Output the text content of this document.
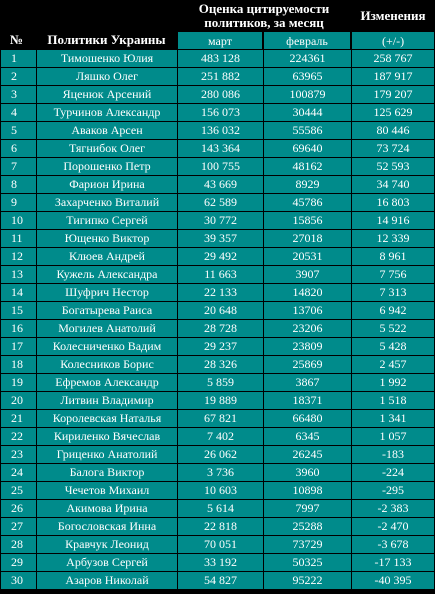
№	Политики Украины	Оценка цитируемости политиков, за месяц		Изменения
		март	февраль	(+/-)
1	Тимошенко Юлия	483 128	224361	258 767
2	Ляшко Олег	251 882	63965	187 917
3	Яценюк Арсений	280 086	100879	179 207
4	Турчинов Александр	156 073	30444	125 629
5	Аваков Арсен	136 032	55586	80 446
6	Тягнибок Олег	143 364	69640	73 724
7	Порошенко Петр	100 755	48162	52 593
8	Фарион Ирина	43 669	8929	34 740
9	Захарченко Виталий	62 589	45786	16 803
10	Тигипко Сергей	30 772	15856	14 916
11	Ющенко Виктор	39 357	27018	12 339
12	Клюев Андрей	29 492	20531	8 961
13	Кужель Александра	11 663	3907	7 756
14	Шуфрич Нестор	22 133	14820	7 313
15	Богатырева Раиса	20 648	13706	6 942
16	Могилев Анатолий	28 728	23206	5 522
17	Колесниченко Вадим	29 237	23809	5 428
18	Колесников Борис	28 326	25869	2 457
19	Ефремов Александр	5 859	3867	1 992
20	Литвин Владимир	19 889	18371	1 518
21	Королевская Наталья	67 821	66480	1 341
22	Кириленко Вячеслав	7 402	6345	1 057
23	Гриценко Анатолий	26 062	26245	-183
24	Балога Виктор	3 736	3960	-224
25	Чечетов Михаил	10 603	10898	-295
26	Акимова Ирина	5 614	7997	-2 383
27	Богословская Инна	22 818	25288	-2 470
28	Кравчук Леонид	70 051	73729	-3 678
29	Арбузов Сергей	33 192	50325	-17 133
30	Азаров Николай	54 827	95222	-40 395
